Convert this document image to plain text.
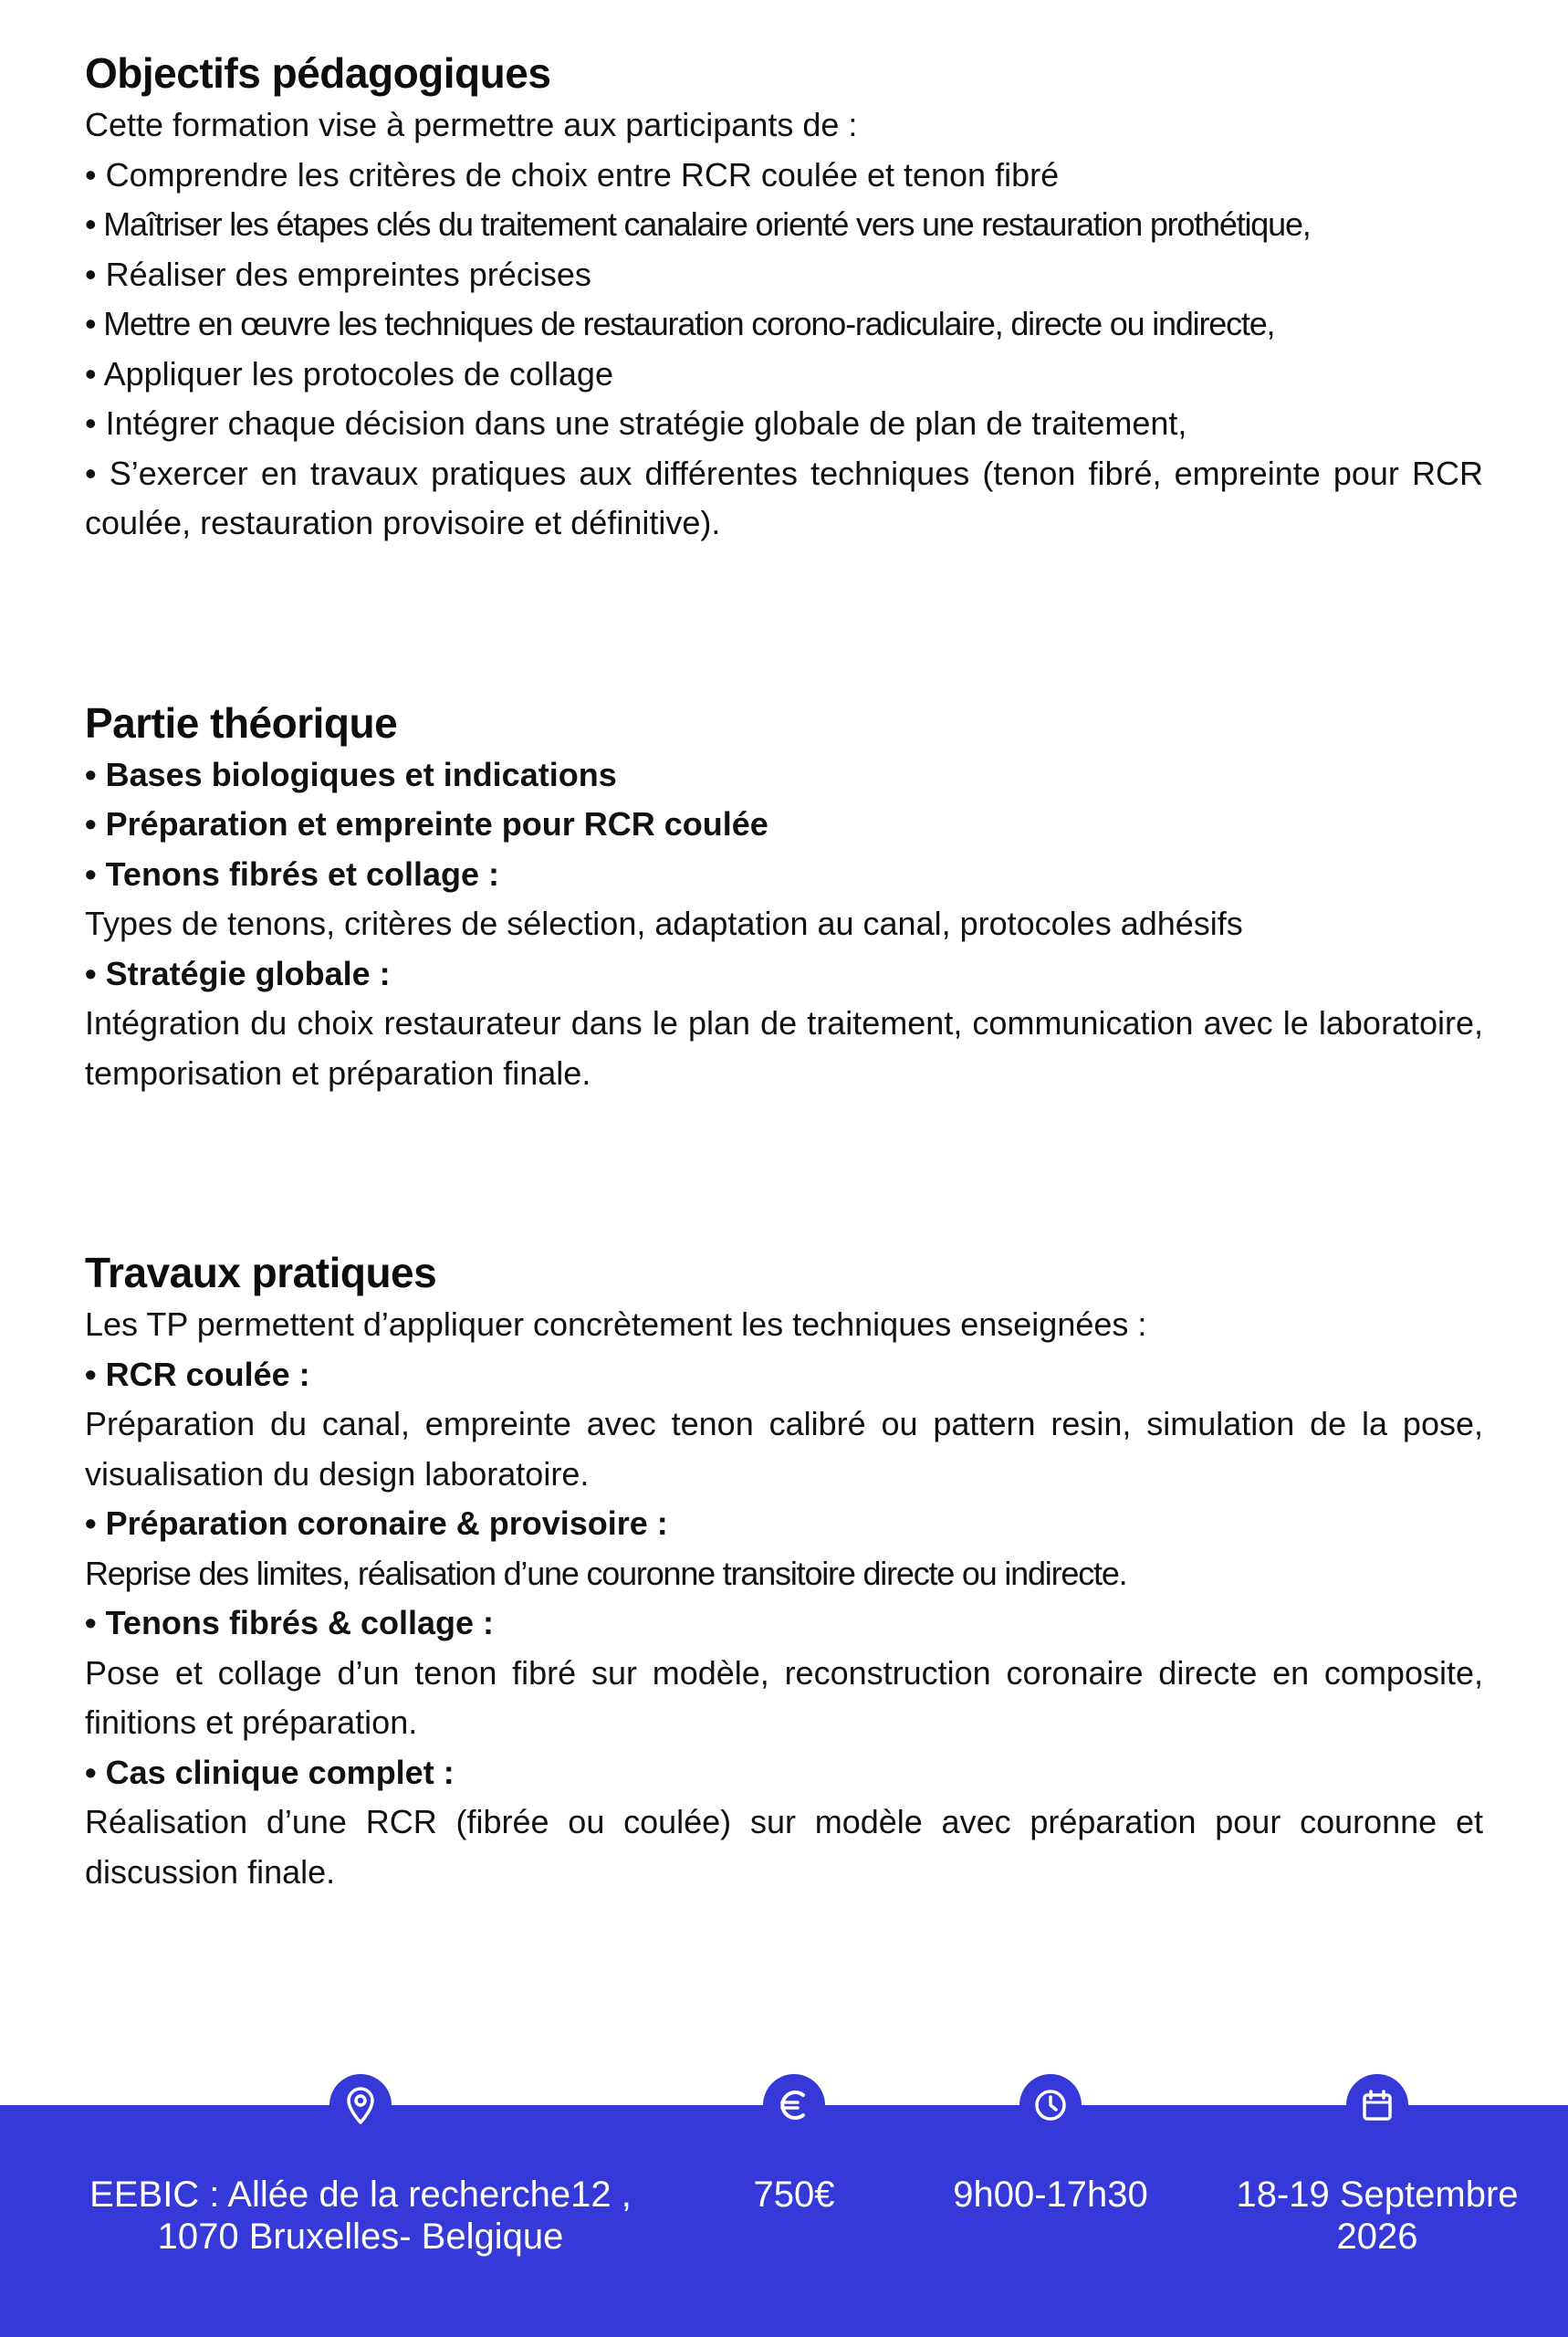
Objectifs pédagogiques

Cette formation vise à permettre aux participants de :

• Comprendre les critères de choix entre RCR coulée et tenon fibré

• Maîtriser les étapes clés du traitement canalaire orienté vers une restauration prothétique,

• Réaliser des empreintes précises

• Mettre en œuvre les techniques de restauration corono-radiculaire, directe ou indirecte,

• Appliquer les protocoles de collage

• Intégrer chaque décision dans une stratégie globale de plan de traitement,

• S’exercer en travaux pratiques aux différentes techniques (tenon fibré, empreinte pour RCR coulée, restauration provisoire et définitive).

Partie théorique

• Bases biologiques et indications

• Préparation et empreinte pour RCR coulée

• Tenons fibrés et collage :

Types de tenons, critères de sélection, adaptation au canal, protocoles adhésifs

• Stratégie globale :

Intégration du choix restaurateur dans le plan de traitement, communication avec le laboratoire, temporisation et préparation finale.

Travaux pratiques

Les TP permettent d’appliquer concrètement les techniques enseignées :

• RCR coulée :

Préparation du canal, empreinte avec tenon calibré ou pattern resin, simulation de la pose, visualisation du design laboratoire.

• Préparation coronaire & provisoire :

Reprise des limites, réalisation d’une couronne transitoire directe ou indirecte.

• Tenons fibrés & collage :

Pose et collage d’un tenon fibré sur modèle, reconstruction coronaire directe en composite, finitions et préparation.

• Cas clinique complet :

Réalisation d’une RCR (fibrée ou coulée) sur modèle avec préparation pour couronne et discussion finale.

EEBIC : Allée de la recherche12 ,
1070 Bruxelles- Belgique
750€	9h00-17h30	18-19 Septembre
2026
